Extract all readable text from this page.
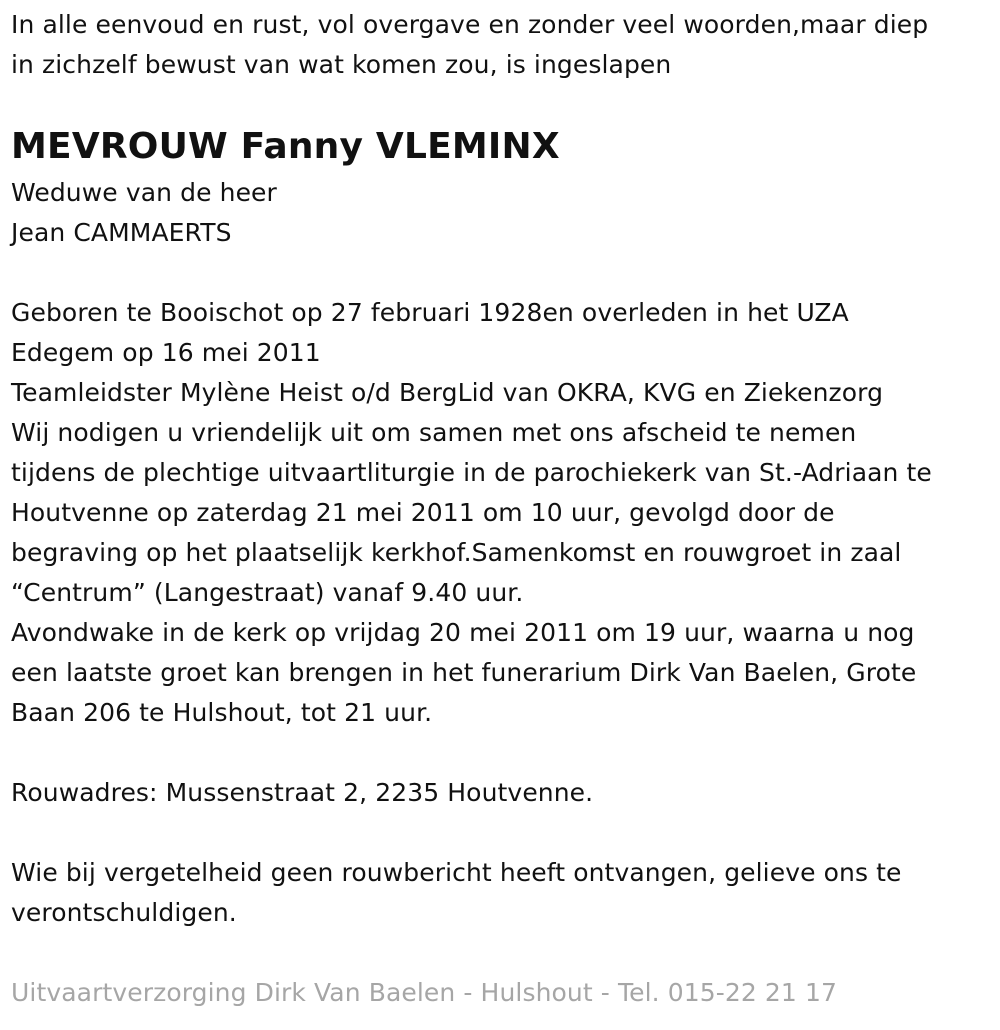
In alle eenvoud en rust, vol overgave en zonder veel woorden,maar diep
in zichzelf bewust van wat komen zou, is ingeslapen
MEVROUW Fanny VLEMINX
Weduwe van de heer
Jean CAMMAERTS
Geboren te Booischot op 27 februari 1928en overleden in het UZA
Edegem op 16 mei 2011
Teamleidster Mylène Heist o/d BergLid van OKRA, KVG en Ziekenzorg
Wij nodigen u vriendelijk uit om samen met ons afscheid te nemen
tijdens de plechtige uitvaartliturgie in de parochiekerk van St.-Adriaan te
Houtvenne op zaterdag 21 mei 2011 om 10 uur, gevolgd door de
begraving op het plaatselijk kerkhof.Samenkomst en rouwgroet in zaal
“Centrum” (Langestraat) vanaf 9.40 uur.
Avondwake in de kerk op vrijdag 20 mei 2011 om 19 uur, waarna u nog
een laatste groet kan brengen in het funerarium Dirk Van Baelen, Grote
Baan 206 te Hulshout, tot 21 uur.
Rouwadres: Mussenstraat 2, 2235 Houtvenne.
Wie bij vergetelheid geen rouwbericht heeft ontvangen, gelieve ons te
verontschuldigen.
Uitvaartverzorging Dirk Van Baelen - Hulshout - Tel. 015-22 21 17
